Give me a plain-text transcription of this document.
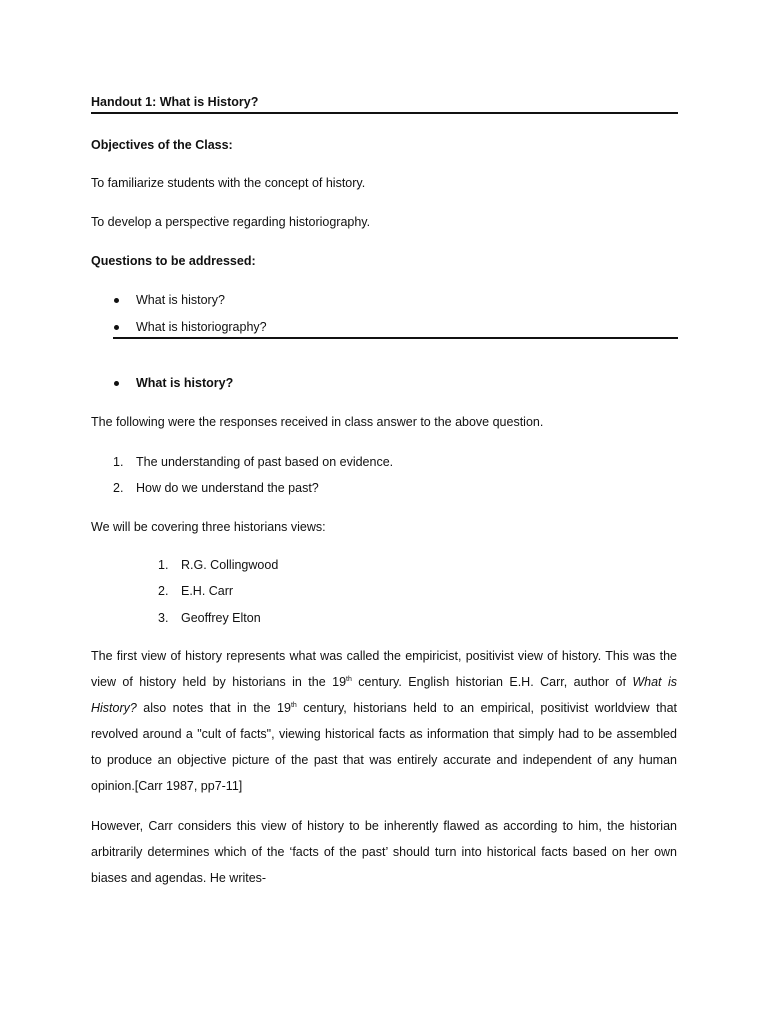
Handout 1: What is History?
Objectives of the Class:
To familiarize students with the concept of history.
To develop a perspective regarding historiography.
Questions to be addressed:
What is history?
What is historiography?
What is history?
The following were the responses received in class answer to the above question.
1. The understanding of past based on evidence.
2. How do we understand the past?
We will be covering three historians views:
1. R.G. Collingwood
2. E.H. Carr
3. Geoffrey Elton
The first view of history represents what was called the empiricist, positivist view of history. This was the
view of history held by historians in the 19th century. English historian E.H. Carr, author of What is
History? also notes that in the 19th century, historians held to an empirical, positivist worldview that
revolved around a "cult of facts", viewing historical facts as information that simply had to be assembled
to produce an objective picture of the past that was entirely accurate and independent of any human
opinion.[Carr 1987, pp7-11]
However, Carr considers this view of history to be inherently flawed as according to him, the historian
arbitrarily determines which of the ‘facts of the past’ should turn into historical facts based on her own
biases and agendas. He writes-
